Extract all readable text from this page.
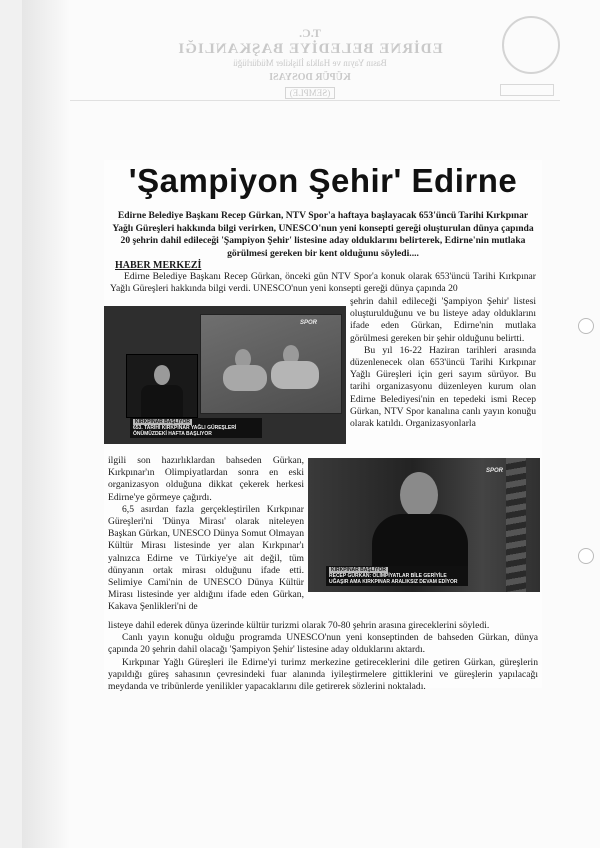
T.C.
EDİRNE BELEDİYE BAŞKANLIĞI
Basın Yayın ve Halkla İlişkiler Müdürlüğü
KÜPÜR DOSYASI
(SEMPLE)
'Şampiyon Şehir' Edirne
Edirne Belediye Başkanı Recep Gürkan, NTV Spor'a haftaya başlayacak 653'üncü Tarihi Kırkpınar Yağlı Güreşleri hakkında bilgi verirken, UNESCO'nun yeni konsepti gereği oluşturulan dünya çapında 20 şehrin dahil edileceği 'Şampiyon Şehir' listesine aday olduklarını belirterek, Edirne'nin mutlaka görülmesi gereken bir kent olduğunu söyledi....
HABER MERKEZİ

Edirne Belediye Başkanı Recep Gürkan, önceki gün NTV Spor'a konuk olarak 653'üncü Tarihi Kırkpınar Yağlı Güreşleri hakkında bilgi verdi. UNESCO'nun yeni konsepti gereği dünya çapında 20

şehrin dahil edileceği 'Şampiyon Şehir' listesi oluşturulduğunu ve bu listeye aday olduklarını ifade eden Gürkan, Edirne'nin mutlaka görülmesi gereken bir şehir olduğunu belirtti.

Bu yıl 16-22 Haziran tarihleri arasında düzenlenecek olan 653'üncü Tarihi Kırkpınar Yağlı Güreşleri için geri sayım sürüyor. Bu tarihi organizasyonu düzenleyen kurum olan Edirne Belediyesi'nin en tepedeki ismi Recep Gürkan, NTV Spor kanalına canlı yayın konuğu olarak katıldı. Organizasyonlarla

SPOR
KIRKPINAR BAŞLIYOR
653. TARİHİ KIRKPINAR YAĞLI GÜREŞLERİ ÖNÜMÜZDEKİ HAFTA BAŞLIYOR

ilgili son hazırlıklardan bahseden Gürkan, Kırkpınar'ın Olimpiyatlardan sonra en eski organizasyon olduğuna dikkat çekerek herkesi Edirne'ye görmeye çağırdı.

6,5 asırdan fazla gerçekleştirilen Kırkpınar Güreşleri'ni 'Dünya Mirası' olarak niteleyen Başkan Gürkan, UNESCO Dünya Somut Olmayan Kültür Mirası listesinde yer alan Kırkpınar'ı yalnızca Edirne ve Türkiye'ye ait değil, tüm dünyanın ortak mirası olduğunu ifade etti. Selimiye Cami'nin de UNESCO Dünya Kültür Mirası listesinde yer aldığını ifade eden Gürkan, Kakava Şenlikleri'ni de

SPOR
KIRKPINAR BAŞLIYOR
RECEP GÜRKAN: OLİMPİYATLAR BİLE GERİYİLE UĞAŞIR AMA KIRKPINAR ARALIKSIZ DEVAM EDİYOR

listeye dahil ederek dünya üzerinde kültür turizmi olarak 70-80 şehrin arasına gireceklerini söyledi.

Canlı yayın konuğu olduğu programda UNESCO'nun yeni konseptinden de bahseden Gürkan, dünya çapında 20 şehrin dahil olacağı 'Şampiyon Şehir' listesine aday olduklarını aktardı.

Kırkpınar Yağlı Güreşleri ile Edirne'yi turimz merkezine getireceklerini dile getiren Gürkan, güreşlerin yapıldığı güreş sahasının çevresindeki fuar alanında iyileştirmelere gittiklerini ve güreşlerin yapılacağı meydanda ve tribünlerde yenilikler yapacaklarını dile getirerek sözlerini noktaladı.
